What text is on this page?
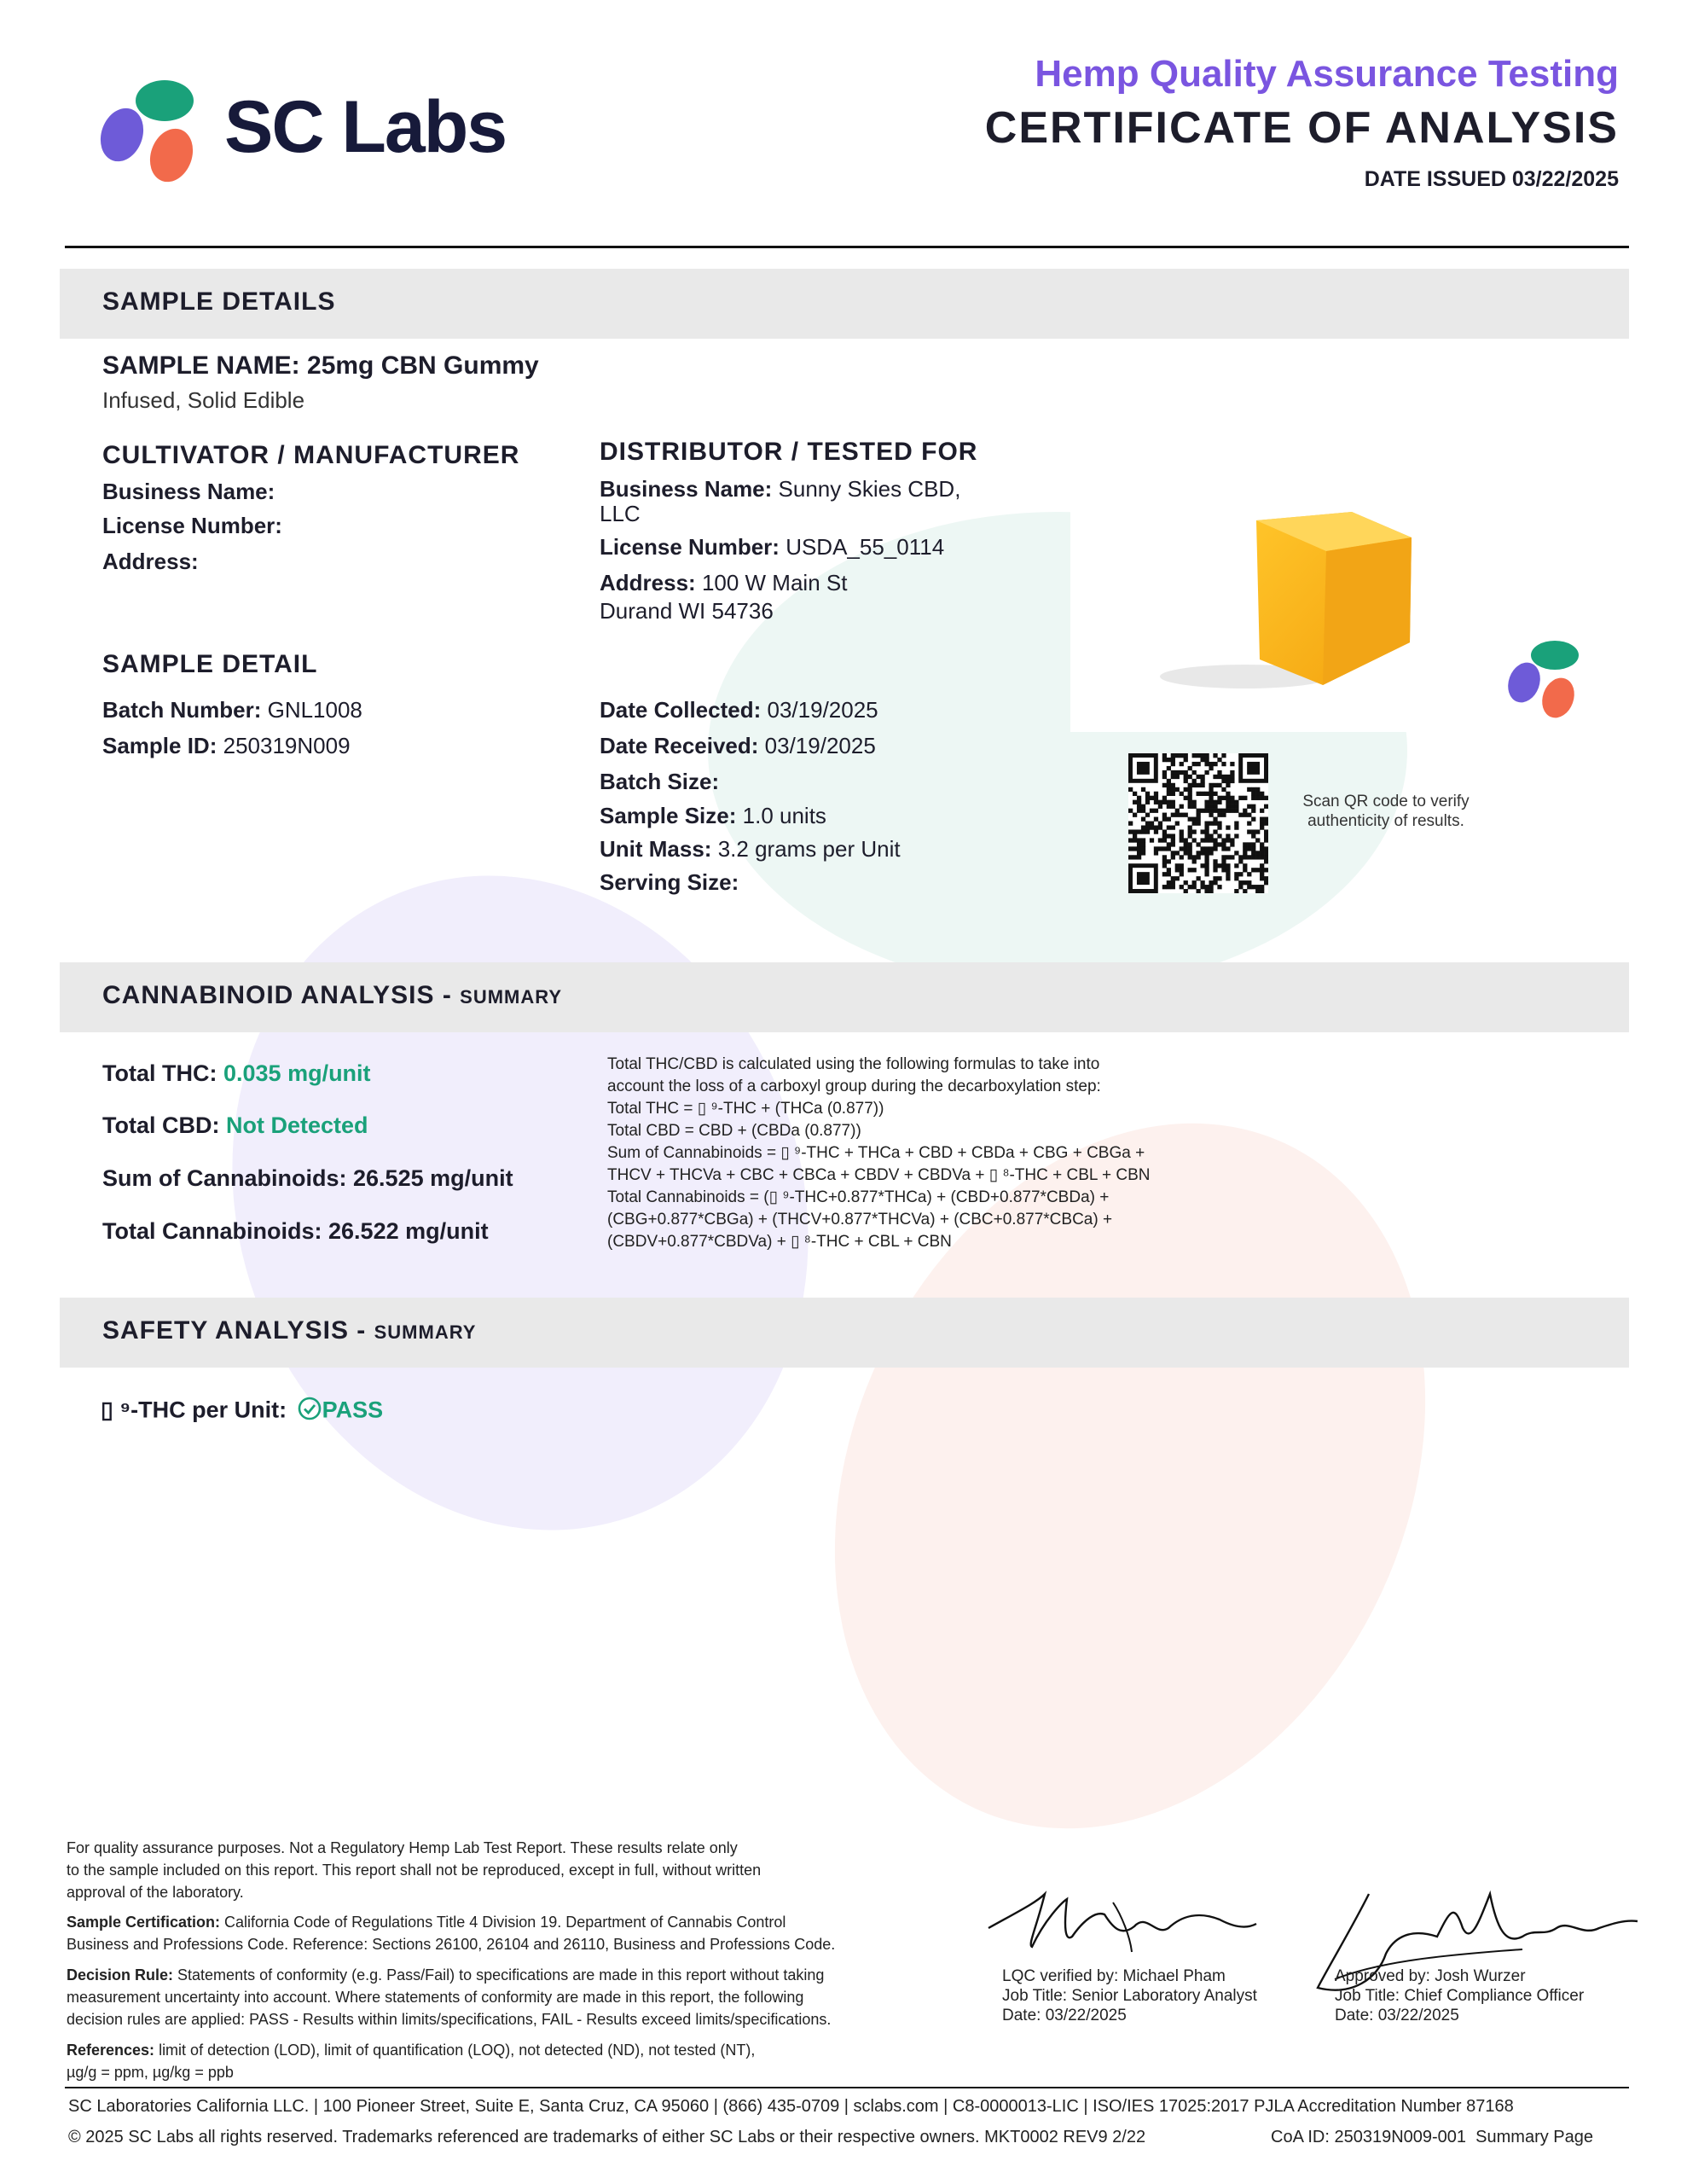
SC Labs
Hemp Quality Assurance Testing
CERTIFICATE OF ANALYSIS
DATE ISSUED 03/22/2025
SAMPLE DETAILS
SAMPLE NAME: 25mg CBN Gummy
Infused, Solid Edible
CULTIVATOR / MANUFACTURER
Business Name:
License Number:
Address:
DISTRIBUTOR / TESTED FOR
Business Name: Sunny Skies CBD,
LLC
License Number: USDA_55_0114
Address: 100 W Main St
Durand WI 54736
SAMPLE DETAIL
Batch Number: GNL1008
Sample ID: 250319N009
Date Collected: 03/19/2025
Date Received: 03/19/2025
Batch Size:
Sample Size: 1.0 units
Unit Mass: 3.2 grams per Unit
Serving Size:
Scan QR code to verify
authenticity of results.
CANNABINOID ANALYSIS - SUMMARY
Total THC: 0.035 mg/unit
Total CBD: Not Detected
Sum of Cannabinoids: 26.525 mg/unit
Total Cannabinoids: 26.522 mg/unit
Total THC/CBD is calculated using the following formulas to take into
account the loss of a carboxyl group during the decarboxylation step:
Total THC = ▯ ⁹-THC + (THCa (0.877))
Total CBD = CBD + (CBDa (0.877))
Sum of Cannabinoids = ▯ ⁹-THC + THCa + CBD + CBDa + CBG + CBGa +
THCV + THCVa + CBC + CBCa + CBDV + CBDVa + ▯ ⁸-THC + CBL + CBN
Total Cannabinoids = (▯ ⁹-THC+0.877*THCa) + (CBD+0.877*CBDa) +
(CBG+0.877*CBGa) + (THCV+0.877*THCVa) + (CBC+0.877*CBCa) +
(CBDV+0.877*CBDVa) + ▯ ⁸-THC + CBL + CBN
SAFETY ANALYSIS - SUMMARY
▯ ⁹-THC per Unit: PASS
For quality assurance purposes. Not a Regulatory Hemp Lab Test Report. These results relate only
to the sample included on this report. This report shall not be reproduced, except in full, without written
approval of the laboratory.
Sample Certification: California Code of Regulations Title 4 Division 19. Department of Cannabis Control
Business and Professions Code. Reference: Sections 26100, 26104 and 26110, Business and Professions Code.
Decision Rule: Statements of conformity (e.g. Pass/Fail) to specifications are made in this report without taking
measurement uncertainty into account. Where statements of conformity are made in this report, the following
decision rules are applied: PASS - Results within limits/specifications, FAIL - Results exceed limits/specifications.
References: limit of detection (LOD), limit of quantification (LOQ), not detected (ND), not tested (NT),
µg/g = ppm, µg/kg = ppb
LQC verified by: Michael Pham
Job Title: Senior Laboratory Analyst
Date: 03/22/2025
Approved by: Josh Wurzer
Job Title: Chief Compliance Officer
Date: 03/22/2025
SC Laboratories California LLC. | 100 Pioneer Street, Suite E, Santa Cruz, CA 95060 | (866) 435-0709 | sclabs.com | C8-0000013-LIC | ISO/IES 17025:2017 PJLA Accreditation Number 87168
© 2025 SC Labs all rights reserved. Trademarks referenced are trademarks of either SC Labs or their respective owners. MKT0002 REV9 2/22	CoA ID: 250319N009-001  Summary Page
